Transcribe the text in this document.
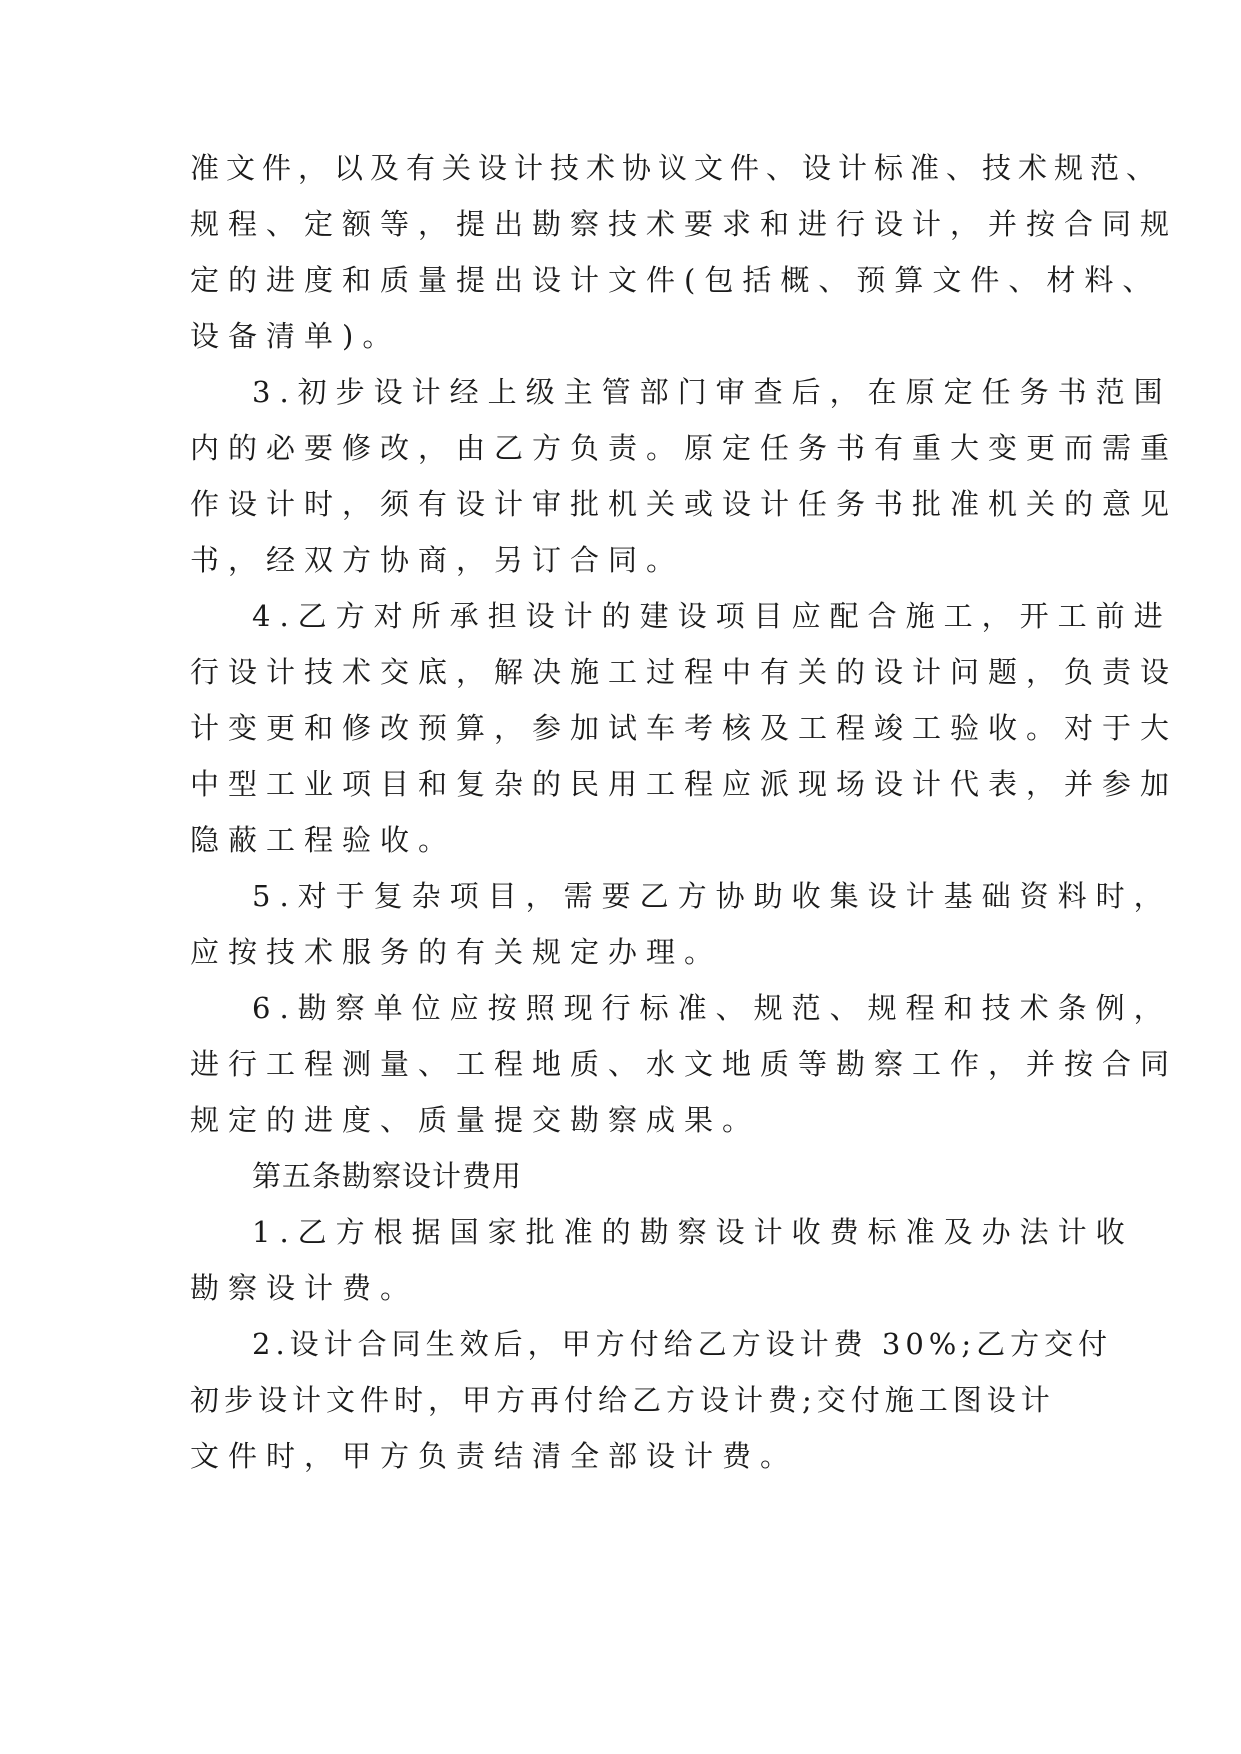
准文件，以及有关设计技术协议文件、设计标准、技术规范、
规程、定额等，提出勘察技术要求和进行设计，并按合同规
定的进度和质量提出设计文件(包括概、预算文件、材料、
设备清单)。
3.初步设计经上级主管部门审查后，在原定任务书范围
内的必要修改，由乙方负责。原定任务书有重大变更而需重
作设计时，须有设计审批机关或设计任务书批准机关的意见
书，经双方协商，另订合同。
4.乙方对所承担设计的建设项目应配合施工，开工前进
行设计技术交底，解决施工过程中有关的设计问题，负责设
计变更和修改预算，参加试车考核及工程竣工验收。对于大
中型工业项目和复杂的民用工程应派现场设计代表，并参加
隐蔽工程验收。
5.对于复杂项目，需要乙方协助收集设计基础资料时，
应按技术服务的有关规定办理。
6.勘察单位应按照现行标准、规范、规程和技术条例，
进行工程测量、工程地质、水文地质等勘察工作，并按合同
规定的进度、质量提交勘察成果。
第五条勘察设计费用
1.乙方根据国家批准的勘察设计收费标准及办法计收
勘察设计费。
2.设计合同生效后，甲方付给乙方设计费 30%;乙方交付
初步设计文件时，甲方再付给乙方设计费;交付施工图设计
文件时，甲方负责结清全部设计费。
